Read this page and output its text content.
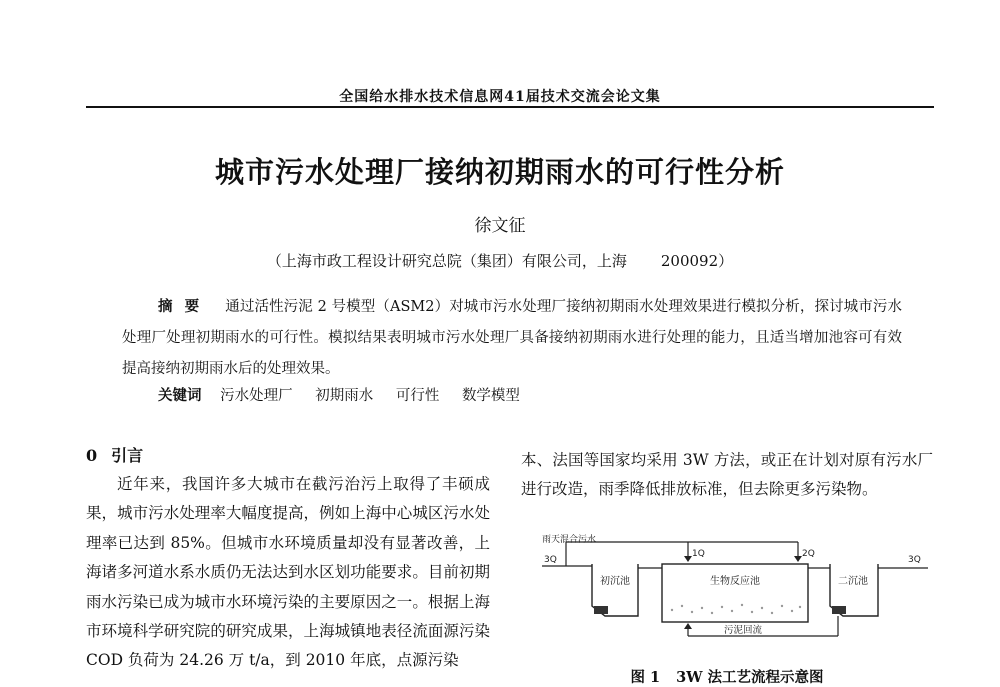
全国给水排水技术信息网41届技术交流会论文集
城市污水处理厂接纳初期雨水的可行性分析
徐文征
（上海市政工程设计研究总院（集团）有限公司，上海 200092）
摘要 通过活性污泥 2 号模型（ASM2）对城市污水处理厂接纳初期雨水处理效果进行模拟分析，探讨城市污水处理厂处理初期雨水的可行性。模拟结果表明城市污水处理厂具备接纳初期雨水进行处理的能力，且适当增加池容可有效提高接纳初期雨水后的处理效果。
关键词 污水处理厂 初期雨水 可行性 数学模型
0 引言

近年来，我国许多大城市在截污治污上取得了丰硕成果，城市污水处理率大幅度提高，例如上海中心城区污水处理率已达到 85%。但城市水环境质量却没有显著改善，上海诸多河道水系水质仍无法达到水区划功能要求。目前初期雨水污染已成为城市水环境污染的主要原因之一。根据上海市环境科学研究院的研究成果，上海城镇地表径流面源污染COD 负荷为 24.26 万 t/a，到 2010 年底，点源污染

本、法国等国家均采用 3W 方法，或正在计划对原有污水厂进行改造，雨季降低排放标准，但去除更多污染物。

雨天混合污水
3Q
1Q	2Q
3Q
初沉池	生物反应池	二沉池
污泥回流
图 1 3W 法工艺流程示意图
